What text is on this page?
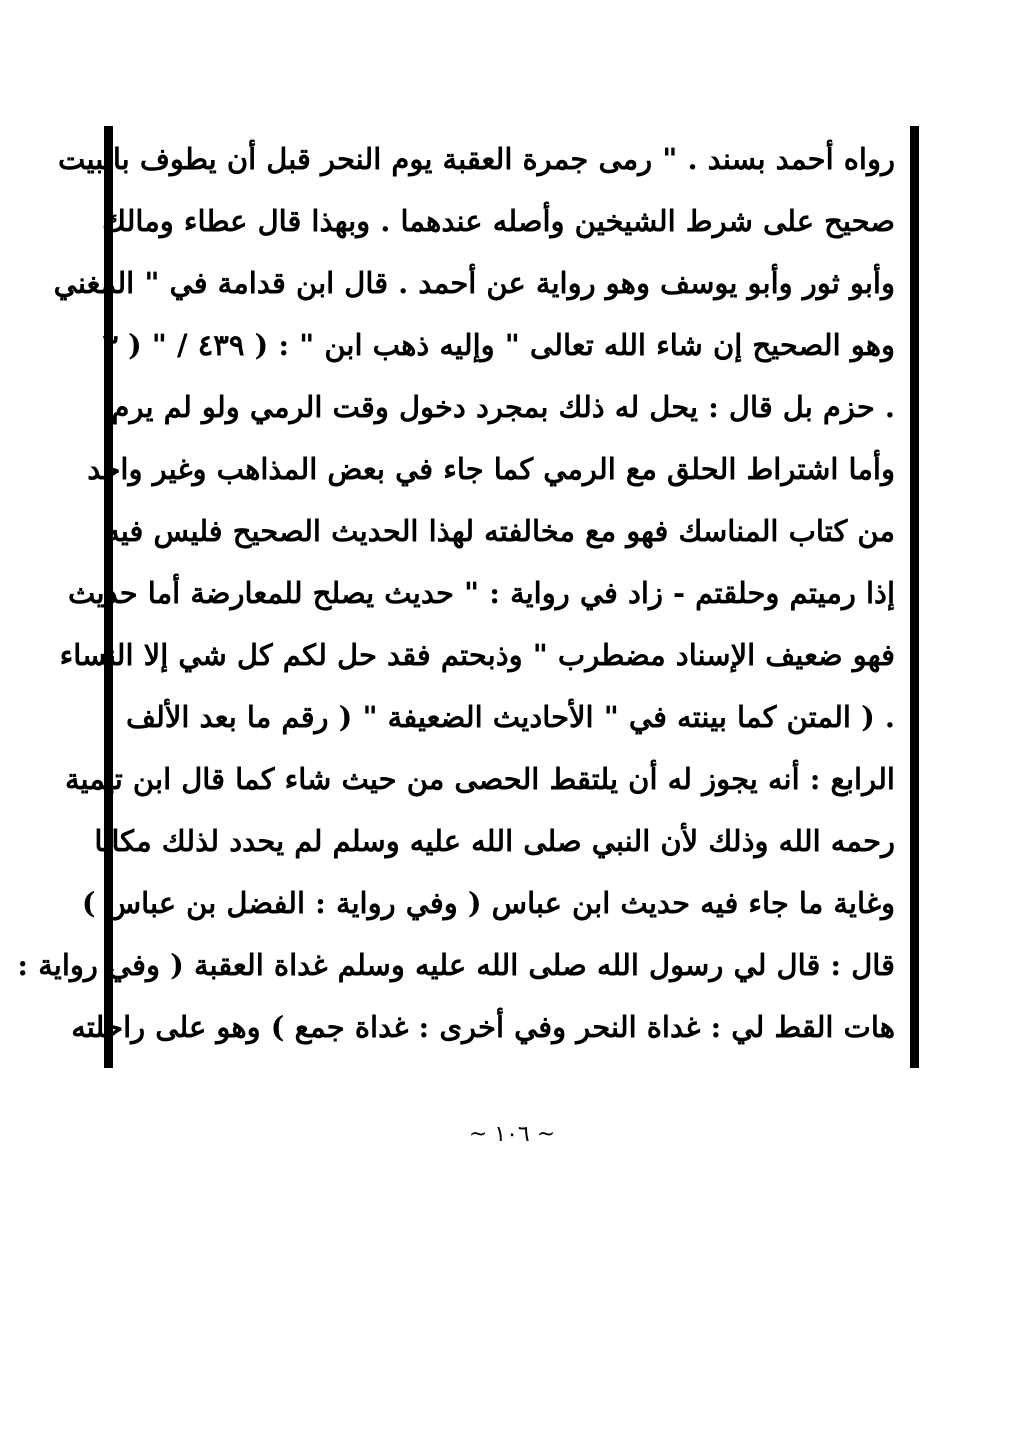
رواه أحمد بسند . " رمى جمرة العقبة يوم النحر قبل أن يطوف بالبيت
صحيح على شرط الشيخين وأصله عندهما . وبهذا قال عطاء ومالك
وأبو ثور وأبو يوسف وهو رواية عن أحمد . قال ابن قدامة في " المغني
وهو الصحيح إن شاء الله تعالى " وإليه ذهب ابن " : ( ٤٣٩ / " ( ٣
. حزم بل قال : يحل له ذلك بمجرد دخول وقت الرمي ولو لم يرم
وأما اشتراط الحلق مع الرمي كما جاء في بعض المذاهب وغير واحد
من كتاب المناسك فهو مع مخالفته لهذا الحديث الصحيح فليس فيه
إذا رميتم وحلقتم - زاد في رواية : " حديث يصلح للمعارضة أما حديث
فهو ضعيف الإسناد مضطرب " وذبحتم فقد حل لكم كل شي إلا النساء
. ( المتن كما بينته في " الأحاديث الضعيفة " ( رقم ما بعد الألف
الرابع : أنه يجوز له أن يلتقط الحصى من حيث شاء كما قال ابن تيمية
رحمه الله وذلك لأن النبي صلى الله عليه وسلم لم يحدد لذلك مكانا
وغاية ما جاء فيه حديث ابن عباس ( وفي رواية : الفضل بن عباس )
قال : قال لي رسول الله صلى الله عليه وسلم غداة العقبة ( وفي رواية :
هات القط لي : غداة النحر وفي أخرى : غداة جمع ) وهو على راحلته
~ ١٠٦ ~
